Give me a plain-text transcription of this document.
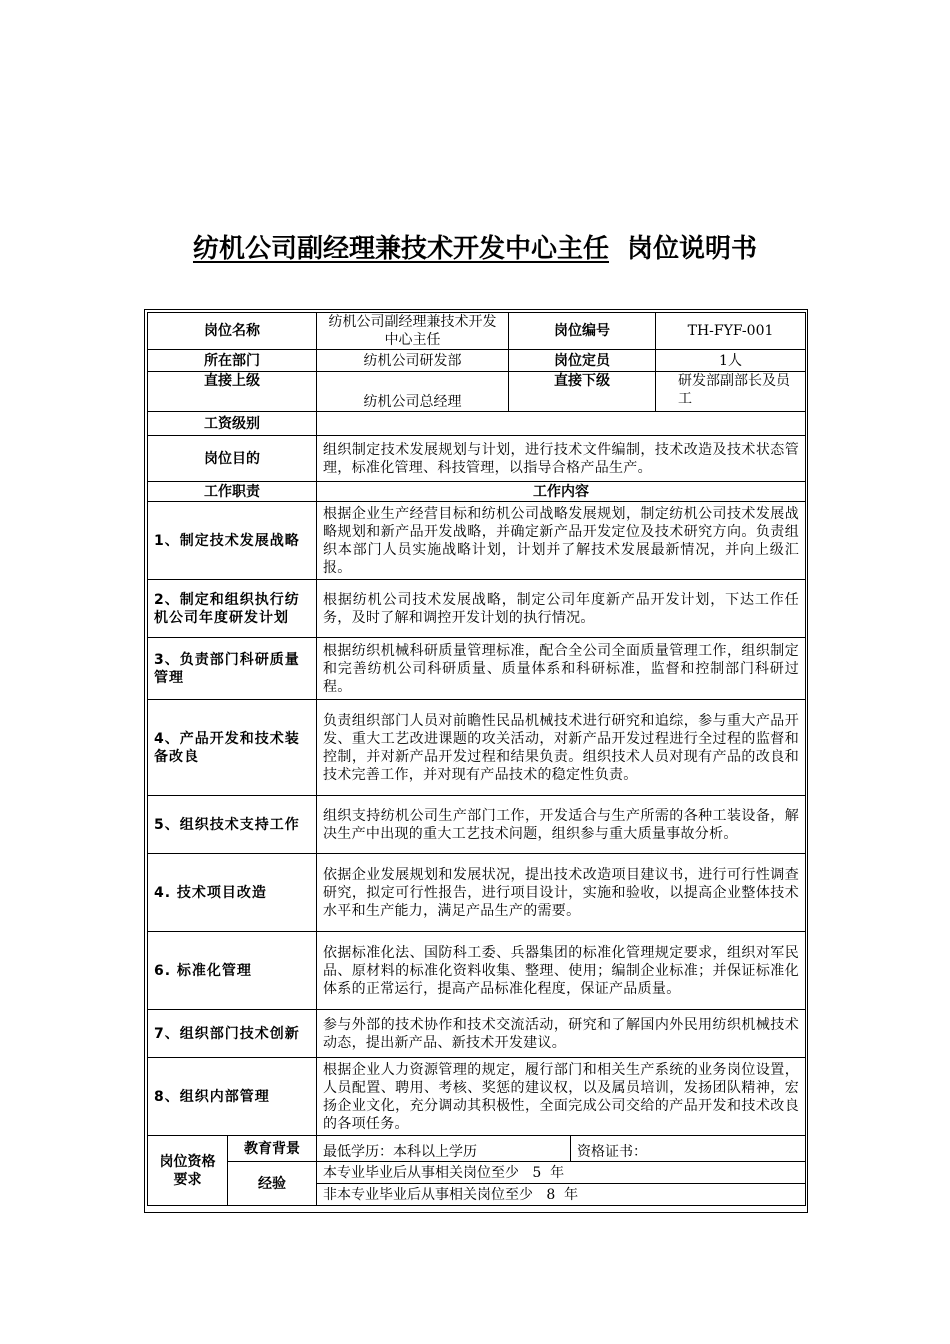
纺机公司副经理兼技术开发中心主任 岗位说明书
岗位名称		纺机公司副经理兼技术开发中心主任	岗位编号		TH-FYF-001
所在部门		纺机公司研发部	岗位定员		1人
直接上级		纺机公司总经理	直接下级		研发部副部长及员工
工资级别					
岗位目的		组织制定技术发展规划与计划，进行技术文件编制，技术改造及技术状态管理，标准化管理、科技管理，以指导合格产品生产。			
工作职责		工作内容			
1、制定技术发展战略		根据企业生产经营目标和纺机公司战略发展规划，制定纺机公司技术发展战略规划和新产品开发战略，并确定新产品开发定位及技术研究方向。负责组织本部门人员实施战略计划，计划并了解技术发展最新情况，并向上级汇报。			
2、制定和组织执行纺机公司年度研发计划		根据纺机公司技术发展战略，制定公司年度新产品开发计划，下达工作任务，及时了解和调控开发计划的执行情况。			
3、负责部门科研质量管理		根据纺织机械科研质量管理标准，配合全公司全面质量管理工作，组织制定和完善纺机公司科研质量、质量体系和科研标准，监督和控制部门科研过程。			
4、产品开发和技术装备改良		负责组织部门人员对前瞻性民品机械技术进行研究和追综，参与重大产品开发、重大工艺改进课题的攻关活动，对新产品开发过程进行全过程的监督和控制，并对新产品开发过程和结果负责。组织技术人员对现有产品的改良和技术完善工作，并对现有产品技术的稳定性负责。			
5、组织技术支持工作		组织支持纺机公司生产部门工作，开发适合与生产所需的各种工装设备，解决生产中出现的重大工艺技术问题，组织参与重大质量事故分析。			
4. 技术项目改造		依据企业发展规划和发展状况，提出技术改造项目建议书，进行可行性调查研究，拟定可行性报告，进行项目设计，实施和验收，以提高企业整体技术水平和生产能力，满足产品生产的需要。			
6. 标准化管理		依据标准化法、国防科工委、兵器集团的标准化管理规定要求，组织对军民品、原材料的标准化资料收集、整理、使用；编制企业标准；并保证标准化体系的正常运行，提高产品标准化程度，保证产品质量。			
7、组织部门技术创新		参与外部的技术协作和技术交流活动，研究和了解国内外民用纺织机械技术动态，提出新产品、新技术开发建议。			
8、组织内部管理		根据企业人力资源管理的规定，履行部门和相关生产系统的业务岗位设置，人员配置、聘用、考核、奖惩的建议权，以及属员培训，发扬团队精神，宏扬企业文化，充分调动其积极性，全面完成公司交给的产品开发和技术改良的各项任务。			
岗位资格要求	教育背景	最低学历：本科以上学历		资格证书：	
	经验	本专业毕业后从事相关岗位至少   5  年			
		非本专业毕业后从事相关岗位至少   8  年			
